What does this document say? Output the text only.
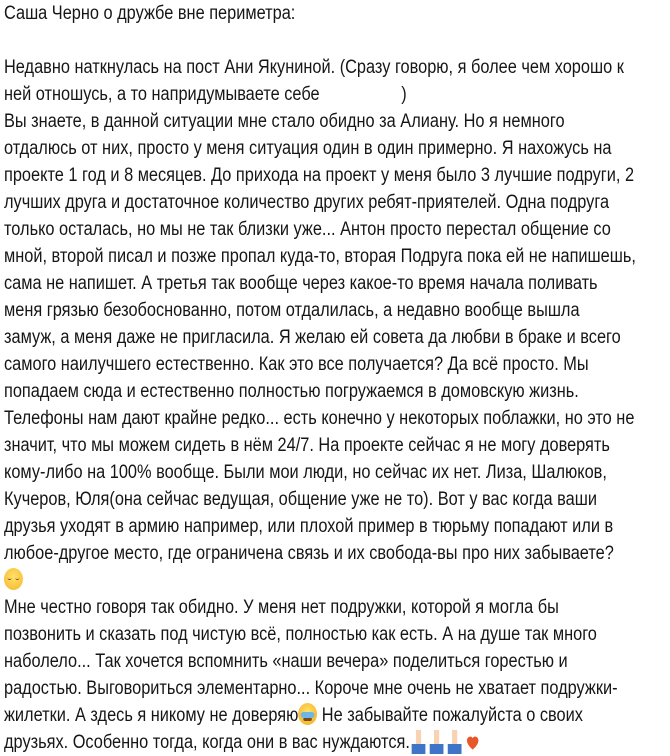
Саша Черно о дружбе вне периметра:
Недавно наткнулась на пост Ани Якуниной. (Сразу говорю, я более чем хорошо к
ней отношусь, а то напридумываете себе                  )
Вы знаете, в данной ситуации мне стало обидно за Алиану. Но я немного
отдалюсь от них, просто у меня ситуация один в один примерно. Я нахожусь на
проекте 1 год и 8 месяцев. До прихода на проект у меня было 3 лучшие подруги, 2
лучших друга и достаточное количество других ребят-приятелей. Одна подруга
только осталась, но мы не так близки уже... Антон просто перестал общение со
мной, второй писал и позже пропал куда-то, вторая Подруга пока ей не напишешь,
сама не напишет. А третья так вообще через какое-то время начала поливать
меня грязью безобоснованно, потом отдалилась, а недавно вообще вышла
замуж, а меня даже не пригласила. Я желаю ей совета да любви в браке и всего
самого наилучшего естественно. Как это все получается? Да всё просто. Мы
попадаем сюда и естественно полностью погружаемся в домовскую жизнь.
Телефоны нам дают крайне редко... есть конечно у некоторых поблажки, но это не
значит, что мы можем сидеть в нём 24/7. На проекте сейчас я не могу доверять
кому-либо на 100% вообще. Были мои люди, но сейчас их нет. Лиза, Шалюков,
Кучеров, Юля(она сейчас ведущая, общение уже не то). Вот у вас когда ваши
друзья уходят в армию например, или плохой пример в тюрьму попадают или в
любое-другое место, где ограничена связь и их свобода-вы про них забываете?
Мне честно говоря так обидно. У меня нет подружки, которой я могла бы
позвонить и сказать под чистую всё, полностью как есть. А на душе так много
наболело... Так хочется вспомнить «наши вечера» поделиться горестью и
радостью. Выговориться элементарно... Короче мне очень не хватает подружки-
жилетки. А здесь я никому не доверяю Не забывайте пожалуйста о своих
друзьях. Особенно тогда, когда они в вас нуждаются.
